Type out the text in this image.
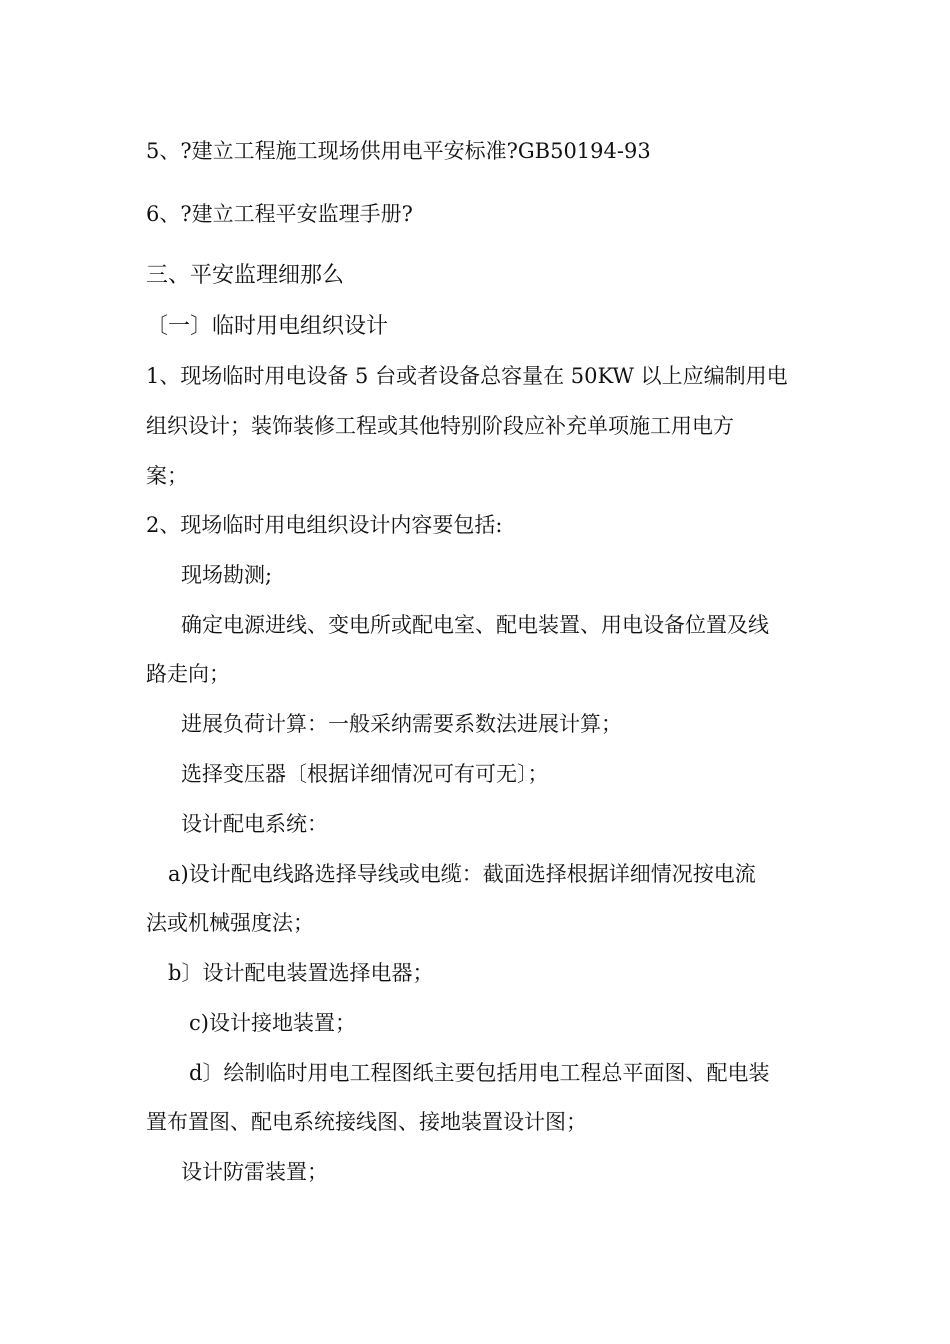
5、?建立工程施工现场供用电平安标准?GB50194-93
6、?建立工程平安监理手册?
三、平安监理细那么
〔一〕临时用电组织设计
1、现场临时用电设备 5 台或者设备总容量在 50KW 以上应编制用电
组织设计；装饰装修工程或其他特别阶段应补充单项施工用电方
案；
2、现场临时用电组织设计内容要包括:
现场勘测;
确定电源进线、变电所或配电室、配电装置、用电设备位置及线
路走向；
进展负荷计算：一般采纳需要系数法进展计算；
选择变压器〔根据详细情况可有可无〕；
设计配电系统：
a)设计配电线路选择导线或电缆：截面选择根据详细情况按电流
法或机械强度法；
b〕设计配电装置选择电器；
c)设计接地装置；
d〕绘制临时用电工程图纸主要包括用电工程总平面图、配电装
置布置图、配电系统接线图、接地装置设计图；
设计防雷装置；
